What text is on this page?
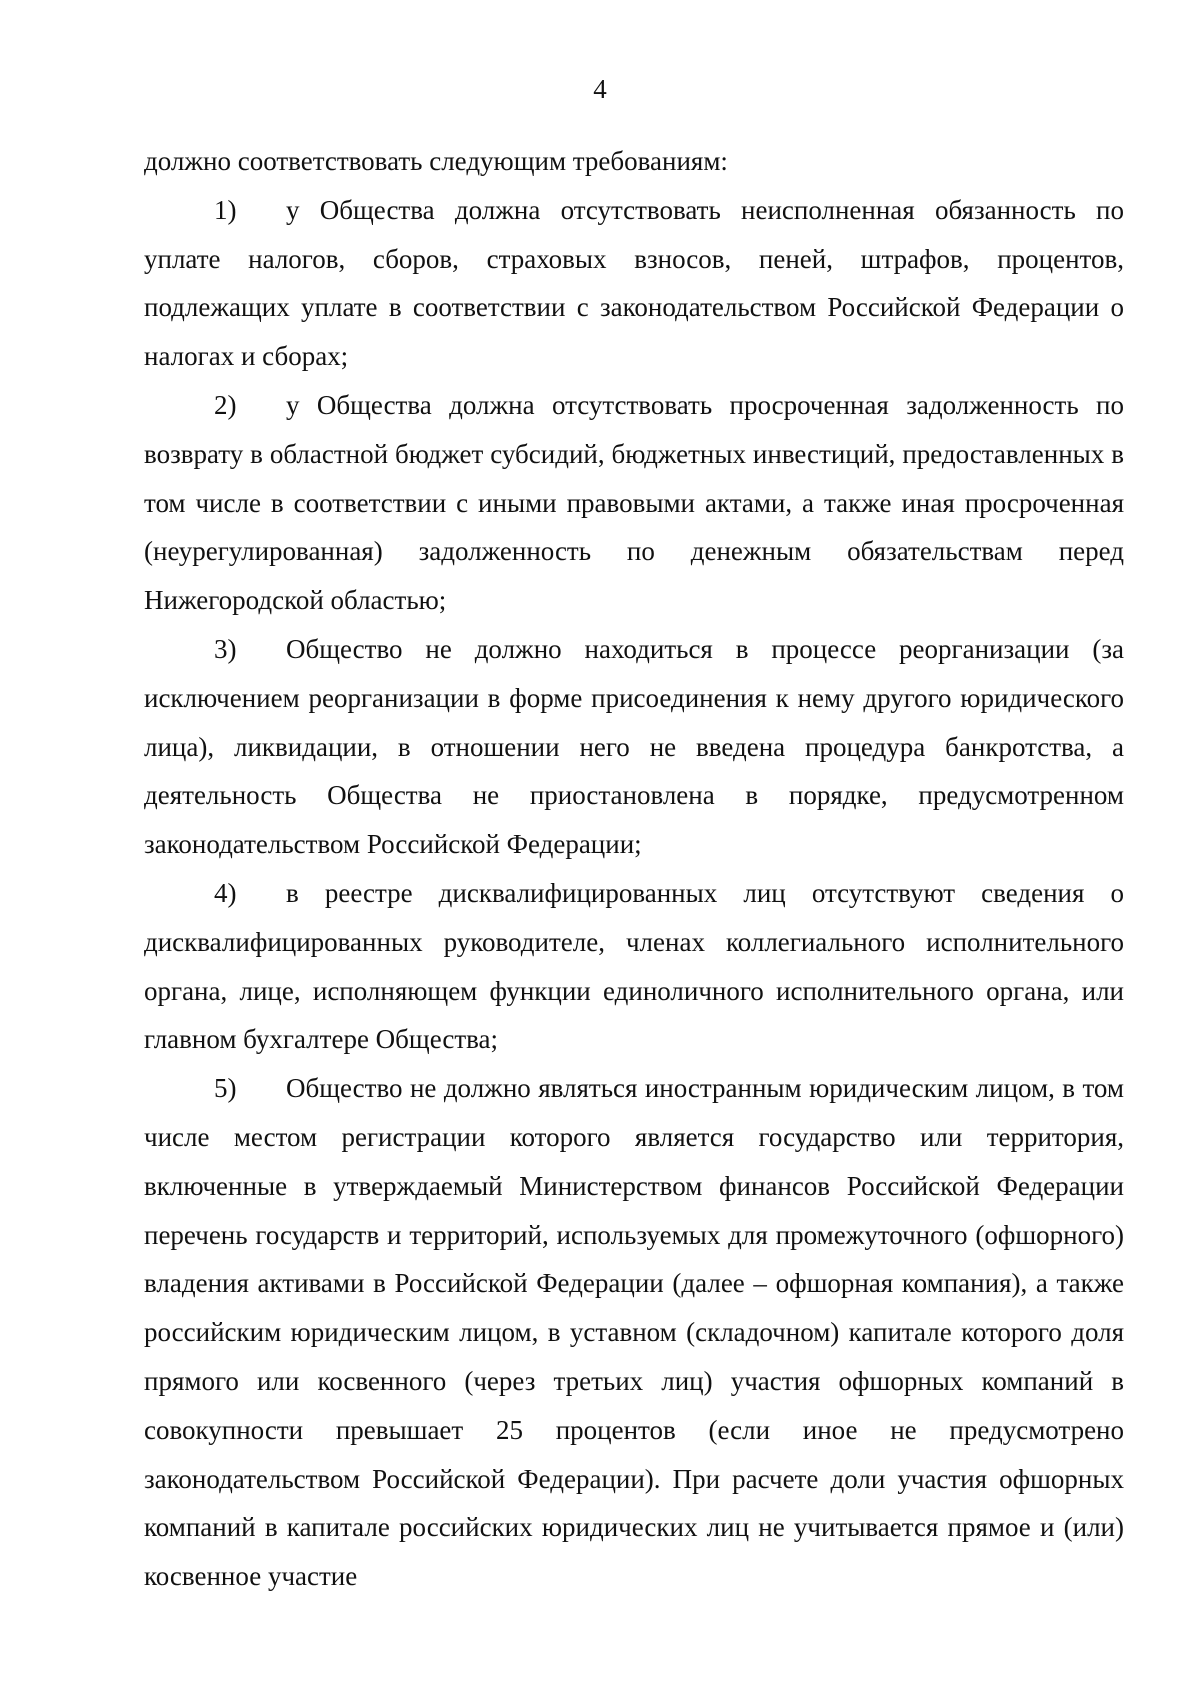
4

должно соответствовать следующим требованиям:

1) у Общества должна отсутствовать неисполненная обязанность по уплате налогов, сборов, страховых взносов, пеней, штрафов, процентов, подлежащих уплате в соответствии с законодательством Российской Федерации о налогах и сборах;

2) у Общества должна отсутствовать просроченная задолженность по возврату в областной бюджет субсидий, бюджетных инвестиций, предоставленных в том числе в соответствии с иными правовыми актами, а также иная просроченная (неурегулированная) задолженность по денежным обязательствам перед Нижегородской областью;

3) Общество не должно находиться в процессе реорганизации (за исключением реорганизации в форме присоединения к нему другого юридического лица), ликвидации, в отношении него не введена процедура банкротства, а деятельность Общества не приостановлена в порядке, предусмотренном законодательством Российской Федерации;

4) в реестре дисквалифицированных лиц отсутствуют сведения о дисквалифицированных руководителе, членах коллегиального исполнительного органа, лице, исполняющем функции единоличного исполнительного органа, или главном бухгалтере Общества;

5) Общество не должно являться иностранным юридическим лицом, в том числе местом регистрации которого является государство или территория, включенные в утверждаемый Министерством финансов Российской Федерации перечень государств и территорий, используемых для промежуточного (офшорного) владения активами в Российской Федерации (далее – офшорная компания), а также российским юридическим лицом, в уставном (складочном) капитале которого доля прямого или косвенного (через третьих лиц) участия офшорных компаний в совокупности превышает 25 процентов (если иное не предусмотрено законодательством Российской Федерации). При расчете доли участия офшорных компаний в капитале российских юридических лиц не учитывается прямое и (или) косвенное участие
